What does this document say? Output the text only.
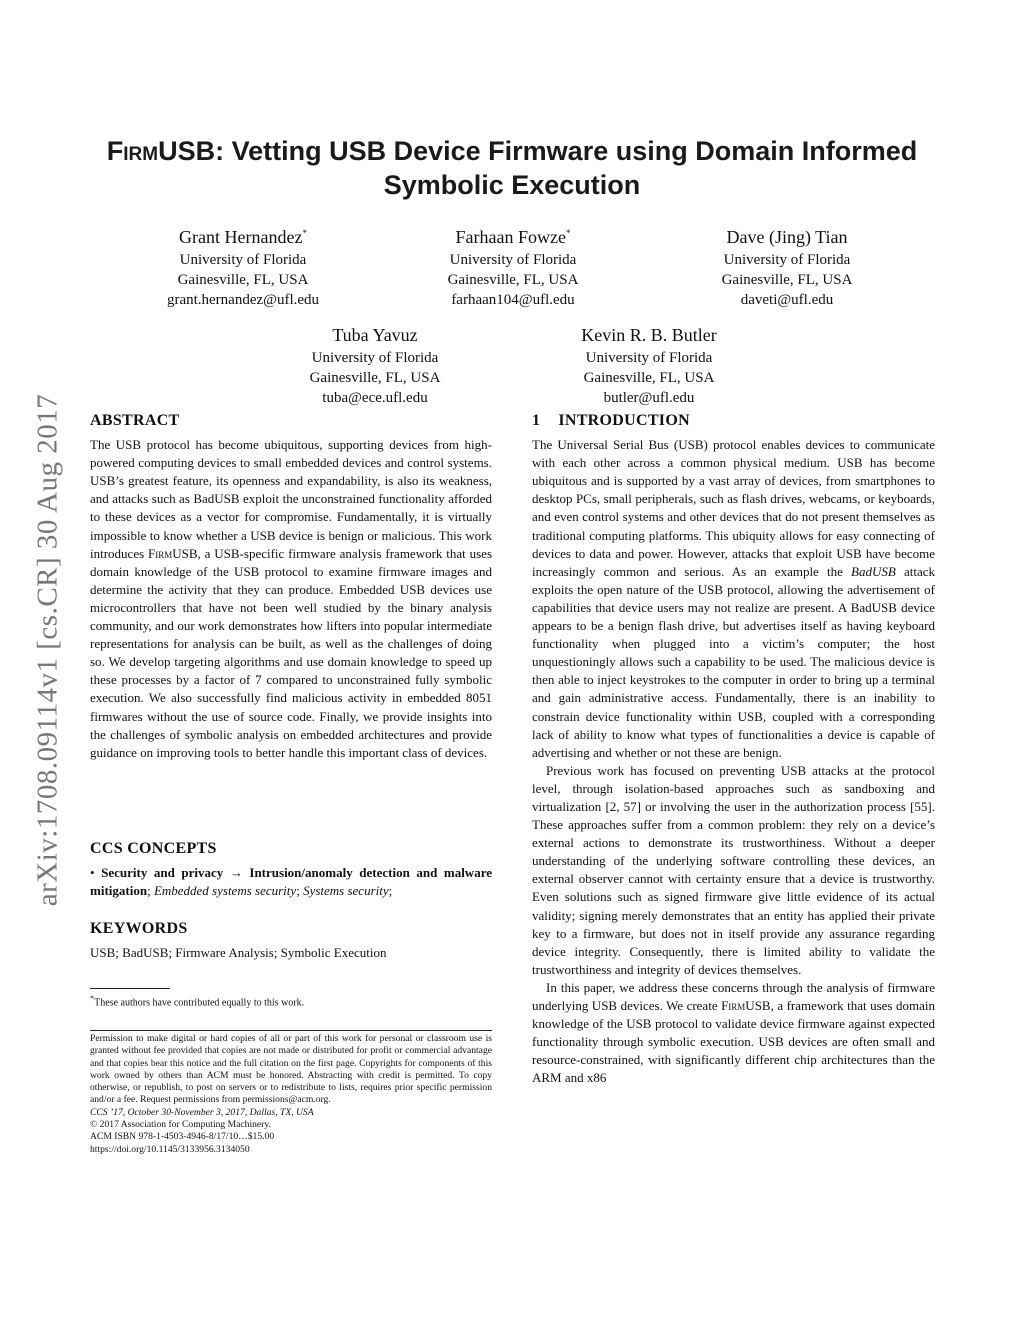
arXiv:1708.09114v1 [cs.CR] 30 Aug 2017
FirmUSB: Vetting USB Device Firmware using Domain Informed
Symbolic Execution
Grant Hernandez*
University of Florida
Gainesville, FL, USA
grant.hernandez@ufl.edu
Farhaan Fowze*
University of Florida
Gainesville, FL, USA
farhaan104@ufl.edu
Dave (Jing) Tian
University of Florida
Gainesville, FL, USA
daveti@ufl.edu
Tuba Yavuz
University of Florida
Gainesville, FL, USA
tuba@ece.ufl.edu
Kevin R. B. Butler
University of Florida
Gainesville, FL, USA
butler@ufl.edu
ABSTRACT

The USB protocol has become ubiquitous, supporting devices from high-powered computing devices to small embedded devices and control systems. USB’s greatest feature, its openness and expandability, is also its weakness, and attacks such as BadUSB exploit the unconstrained functionality afforded to these devices as a vector for compromise. Fundamentally, it is virtually impossible to know whether a USB device is benign or malicious. This work introduces FirmUSB, a USB-specific firmware analysis framework that uses domain knowledge of the USB protocol to examine firmware images and determine the activity that they can produce. Embedded USB devices use microcontrollers that have not been well studied by the binary analysis community, and our work demonstrates how lifters into popular intermediate representations for analysis can be built, as well as the challenges of doing so. We develop targeting algorithms and use domain knowledge to speed up these processes by a factor of 7 compared to unconstrained fully symbolic execution. We also successfully find malicious activity in embedded 8051 firmwares without the use of source code. Finally, we provide insights into the challenges of symbolic analysis on embedded architectures and provide guidance on improving tools to better handle this important class of devices.

CCS CONCEPTS

• Security and privacy → Intrusion/anomaly detection and malware mitigation; Embedded systems security; Systems security;

KEYWORDS

USB; BadUSB; Firmware Analysis; Symbolic Execution

*These authors have contributed equally to this work.

Permission to make digital or hard copies of all or part of this work for personal or classroom use is granted without fee provided that copies are not made or distributed for profit or commercial advantage and that copies bear this notice and the full citation on the first page. Copyrights for components of this work owned by others than ACM must be honored. Abstracting with credit is permitted. To copy otherwise, or republish, to post on servers or to redistribute to lists, requires prior specific permission and/or a fee. Request permissions from permissions@acm.org.

CCS ’17, October 30-November 3, 2017, Dallas, TX, USA

© 2017 Association for Computing Machinery.

ACM ISBN 978-1-4503-4946-8/17/10…$15.00

https://doi.org/10.1145/3133956.3134050

1 INTRODUCTION

The Universal Serial Bus (USB) protocol enables devices to communicate with each other across a common physical medium. USB has become ubiquitous and is supported by a vast array of devices, from smartphones to desktop PCs, small peripherals, such as flash drives, webcams, or keyboards, and even control systems and other devices that do not present themselves as traditional computing platforms. This ubiquity allows for easy connecting of devices to data and power. However, attacks that exploit USB have become increasingly common and serious. As an example the BadUSB attack exploits the open nature of the USB protocol, allowing the advertisement of capabilities that device users may not realize are present. A BadUSB device appears to be a benign flash drive, but advertises itself as having keyboard functionality when plugged into a victim’s computer; the host unquestioningly allows such a capability to be used. The malicious device is then able to inject keystrokes to the computer in order to bring up a terminal and gain administrative access. Fundamentally, there is an inability to constrain device functionality within USB, coupled with a corresponding lack of ability to know what types of functionalities a device is capable of advertising and whether or not these are benign.

Previous work has focused on preventing USB attacks at the protocol level, through isolation-based approaches such as sandboxing and virtualization [2, 57] or involving the user in the authorization process [55]. These approaches suffer from a common problem: they rely on a device’s external actions to demonstrate its trustworthiness. Without a deeper understanding of the underlying software controlling these devices, an external observer cannot with certainty ensure that a device is trustworthy. Even solutions such as signed firmware give little evidence of its actual validity; signing merely demonstrates that an entity has applied their private key to a firmware, but does not in itself provide any assurance regarding device integrity. Consequently, there is limited ability to validate the trustworthiness and integrity of devices themselves.

In this paper, we address these concerns through the analysis of firmware underlying USB devices. We create FirmUSB, a framework that uses domain knowledge of the USB protocol to validate device firmware against expected functionality through symbolic execution. USB devices are often small and resource-constrained, with significantly different chip architectures than the ARM and x86
